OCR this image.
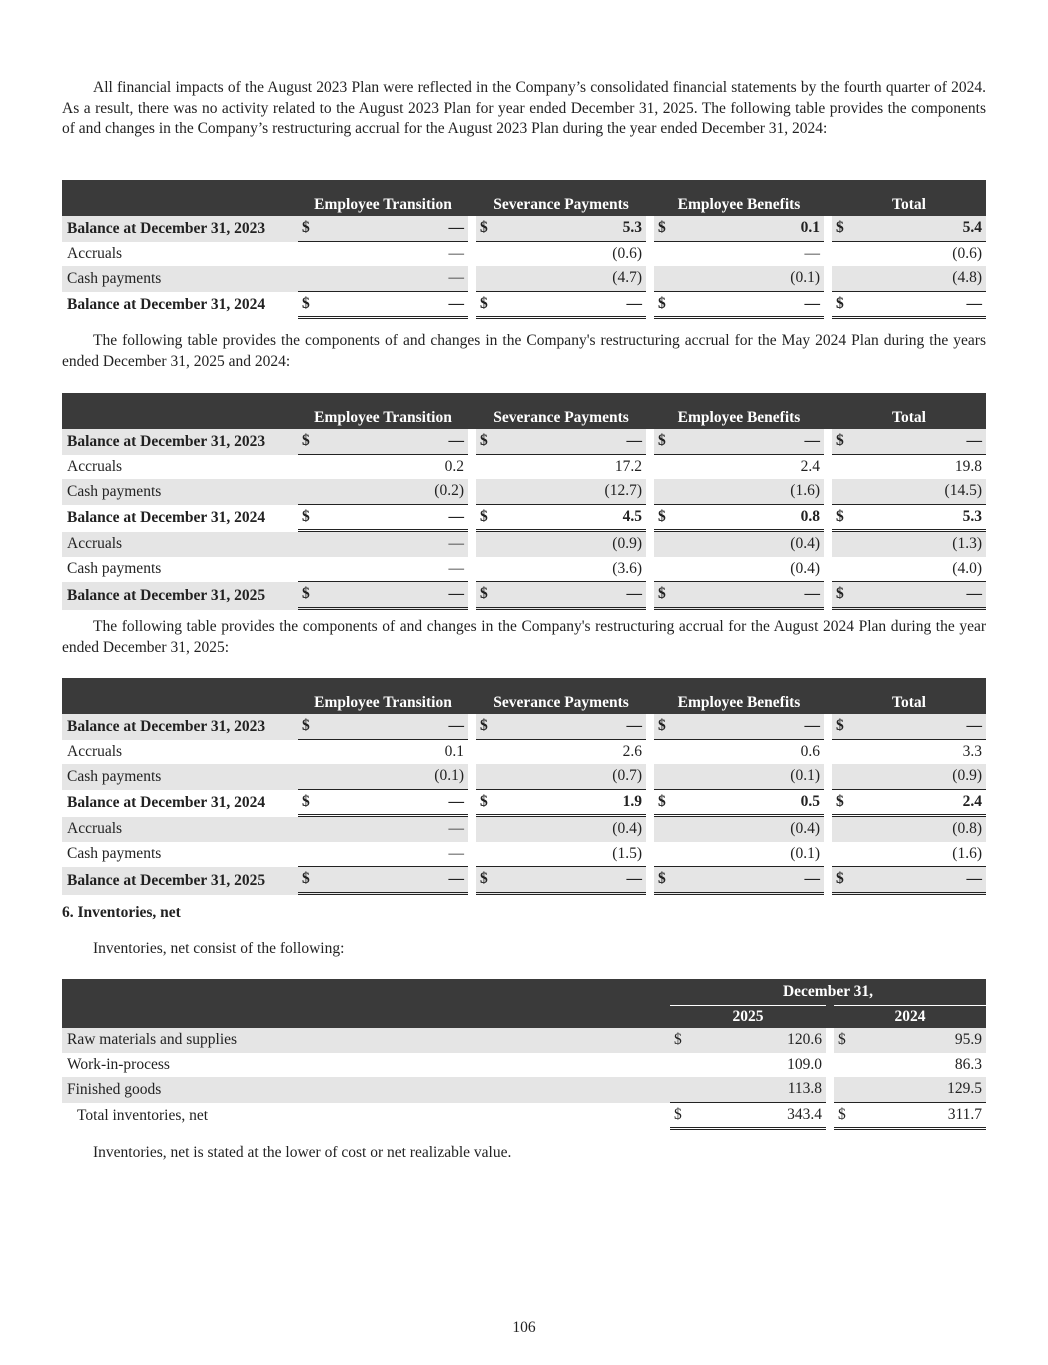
All financial impacts of the August 2023 Plan were reflected in the Company’s consolidated financial statements by the fourth quarter of 2024. As a result, there was no activity related to the August 2023 Plan for year ended December 31, 2025. The following table provides the components of and changes in the Company’s restructuring accrual for the August 2023 Plan during the year ended December 31, 2024:

	Employee Transition			Severance Payments			Employee Benefits			Total	
Balance at December 31, 2023	$	—		$	5.3		$	0.1		$	5.4
Accruals		—			(0.6)			—			(0.6)
Cash payments		—			(4.7)			(0.1)			(4.8)
Balance at December 31, 2024	$	—		$	—		$	—		$	—

The following table provides the components of and changes in the Company's restructuring accrual for the May 2024 Plan during the years ended December 31, 2025 and 2024:

	Employee Transition			Severance Payments			Employee Benefits			Total	
Balance at December 31, 2023	$	—		$	—		$	—		$	—
Accruals		0.2			17.2			2.4			19.8
Cash payments		(0.2)			(12.7)			(1.6)			(14.5)
Balance at December 31, 2024	$	—		$	4.5		$	0.8		$	5.3
Accruals		—			(0.9)			(0.4)			(1.3)
Cash payments		—			(3.6)			(0.4)			(4.0)
Balance at December 31, 2025	$	—		$	—		$	—		$	—

The following table provides the components of and changes in the Company's restructuring accrual for the August 2024 Plan during the year ended December 31, 2025:

	Employee Transition			Severance Payments			Employee Benefits			Total	
Balance at December 31, 2023	$	—		$	—		$	—		$	—
Accruals		0.1			2.6			0.6			3.3
Cash payments		(0.1)			(0.7)			(0.1)			(0.9)
Balance at December 31, 2024	$	—		$	1.9		$	0.5		$	2.4
Accruals		—			(0.4)			(0.4)			(0.8)
Cash payments		—			(1.5)			(0.1)			(1.6)
Balance at December 31, 2025	$	—		$	—		$	—		$	—

6. Inventories, net

Inventories, net consist of the following:

	December 31,				
	2025			2024	
Raw materials and supplies	$	120.6		$	95.9
Work-in-process		109.0			86.3
Finished goods		113.8			129.5
Total inventories, net	$	343.4		$	311.7

Inventories, net is stated at the lower of cost or net realizable value.

106
